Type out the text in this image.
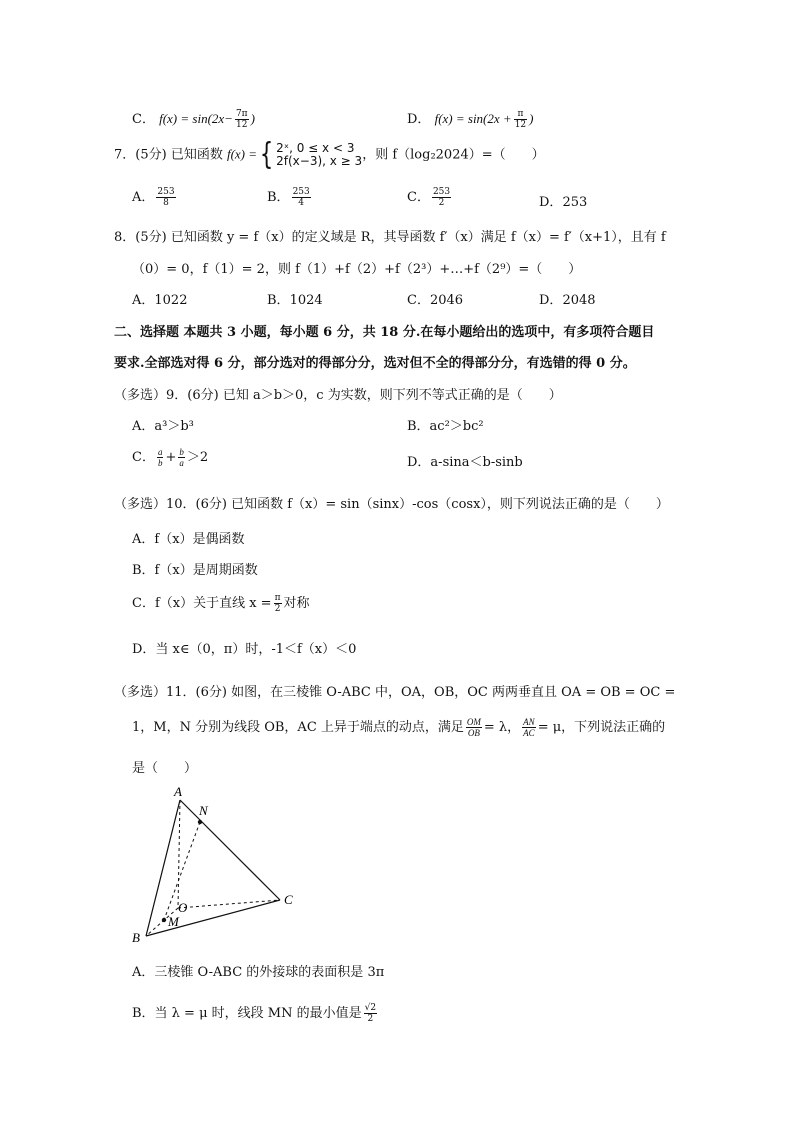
C． $f(x) = \sin(2x- \frac{7\pi}{12}$ )	D． $f(x) = \sin(2x + \frac{\pi}{12}$ )
7．(5分) 已知函数 f(x) ={ 2ˣ, 0 ≤ x < 3
2f(x−3), x ≥ 3 ，则 f（log₂2024）=（　　）
A． $\frac{253}{8}$	B． $\frac{253}{4}$	C． $\frac{253}{2}$	D．253
8．(5分) 已知函数 y = f（x）的定义域是 R，其导函数 f′（x）满足 f（x）= f′（x+1），且有 f
（0）= 0，f（1）= 2，则 f（1）+f（2）+f（2³）+…+f（2⁹）=（　　）
A．1022	B．1024	C．2046	D．2048
二、选择题 本题共 3 小题，每小题 6 分，共 18 分.在每小题给出的选项中，有多项符合题目
要求.全部选对得 6 分，部分选对的得部分分，选对但不全的得部分分，有选错的得 0 分。
（多选）9．(6分) 已知 a＞b＞0，c 为实数，则下列不等式正确的是（　　）
A．a³＞b³	B．ac²＞bc²
C． $\frac{a}{b} + \frac{b}{a} >2$	D．a-sina＜b-sinb
（多选）10．(6分) 已知函数 f（x）= sin（sinx）-cos（cosx），则下列说法正确的是（　　）
A．f（x）是偶函数
B．f（x）是周期函数
C．f（x）关于直线 $x = \frac{\pi}{2}$ 对称
D．当 x∈（0，π）时，-1＜f（x）＜0
（多选）11．(6分) 如图，在三棱锥 O-ABC 中，OA，OB，OC 两两垂直且 OA = OB = OC =
1，M，N 分别为线段 OB，AC 上异于端点的动点，满足 $\frac{OM}{OB} = \lambda$， $\frac{AN}{AC} = \mu$，下列说法正确的
是（　　）
A
N
O
M
B
C
A．三棱锥 O-ABC 的外接球的表面积是 3π
B．当 λ = μ 时，线段 MN 的最小值是 $\frac{√2}{2}$
